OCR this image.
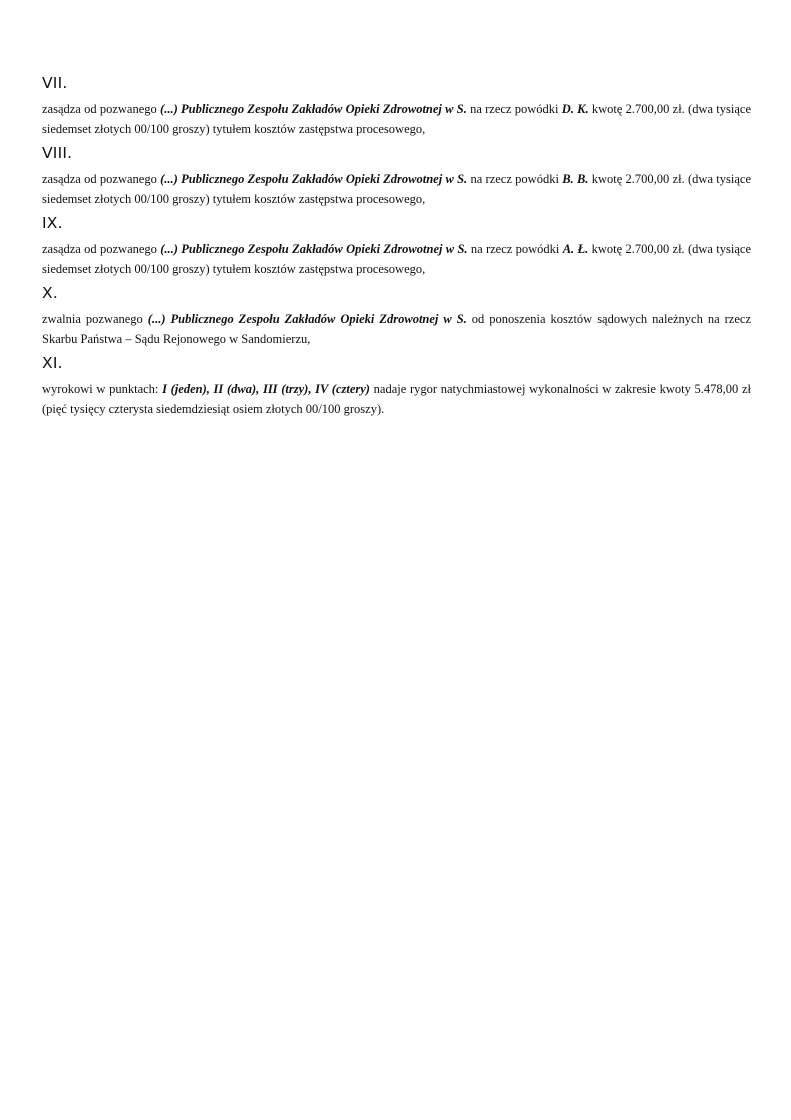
VII.

zasądza od pozwanego (...) Publicznego Zespołu Zakładów Opieki Zdrowotnej w S. na rzecz powódki D. K. kwotę 2.700,00 zł. (dwa tysiące siedemset złotych 00/100 groszy) tytułem kosztów zastępstwa procesowego,

VIII.

zasądza od pozwanego (...) Publicznego Zespołu Zakładów Opieki Zdrowotnej w S. na rzecz powódki B. B. kwotę 2.700,00 zł. (dwa tysiące siedemset złotych 00/100 groszy) tytułem kosztów zastępstwa procesowego,

IX.

zasądza od pozwanego (...) Publicznego Zespołu Zakładów Opieki Zdrowotnej w S. na rzecz powódki A. Ł. kwotę 2.700,00 zł. (dwa tysiące siedemset złotych 00/100 groszy) tytułem kosztów zastępstwa procesowego,

X.

zwalnia pozwanego (...) Publicznego Zespołu Zakładów Opieki Zdrowotnej w S. od ponoszenia kosztów sądowych należnych na rzecz Skarbu Państwa – Sądu Rejonowego w Sandomierzu,

XI.

wyrokowi w punktach: I (jeden), II (dwa), III (trzy), IV (cztery) nadaje rygor natychmiastowej wykonalności w zakresie kwoty 5.478,00 zł (pięć tysięcy czterysta siedemdziesiąt osiem złotych 00/100 groszy).
